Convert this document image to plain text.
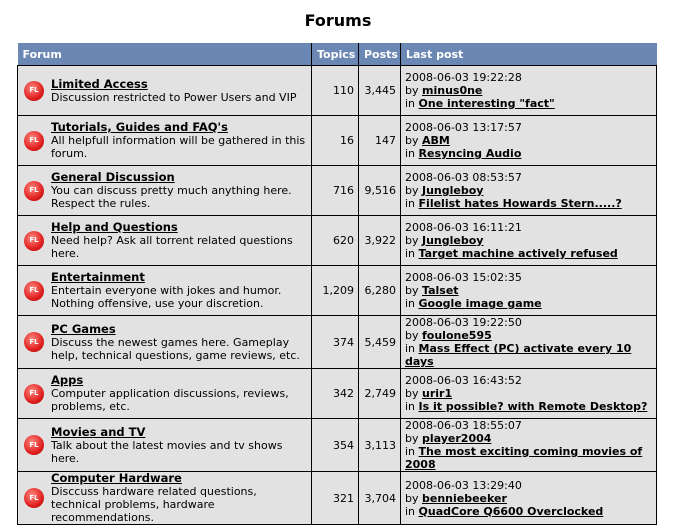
Forums
Forum	Topics	Posts	Last post

FL Limited Access
Discussion restricted to Power Users and VIP	110	3,445	2008-06-03 19:22:28
by minus0ne
in One interesting "fact"

FL
Tutorials, Guides and FAQ's
All helpfull information will be gathered in this forum.	16	147	2008-06-03 13:17:57
by ABM
in Resyncing Audio

FL
General Discussion
You can discuss pretty much anything here. Respect the rules.	716	9,516	2008-06-03 08:53:57
by Jungleboy
in Filelist hates Howards Stern.....?

FL
Help and Questions
Need help? Ask all torrent related questions here.	620	3,922	2008-06-03 16:11:21
by Jungleboy
in Target machine actively refused

FL
Entertainment
Entertain everyone with jokes and humor. Nothing offensive, use your discretion.	1,209	6,280	2008-06-03 15:02:35
by Talset
in Google image game

FL
PC Games
Discuss the newest games here. Gameplay help, technical questions, game reviews, etc.	374	5,459	2008-06-03 19:22:50
by foulone595
in Mass Effect (PC) activate every 10 days

FL
Apps
Computer application discussions, reviews, problems, etc.	342	2,749	2008-06-03 16:43:52
by urir1
in Is it possible? with Remote Desktop?

FL
Movies and TV
Talk about the latest movies and tv shows here.	354	3,113	2008-06-03 18:55:07
by player2004
in The most exciting coming movies of 2008

FL
Computer Hardware
Disccuss hardware related questions, technical problems, hardware recommendations.	321	3,704	2008-06-03 13:29:40
by benniebeeker
in QuadCore Q6600 Overclocked
